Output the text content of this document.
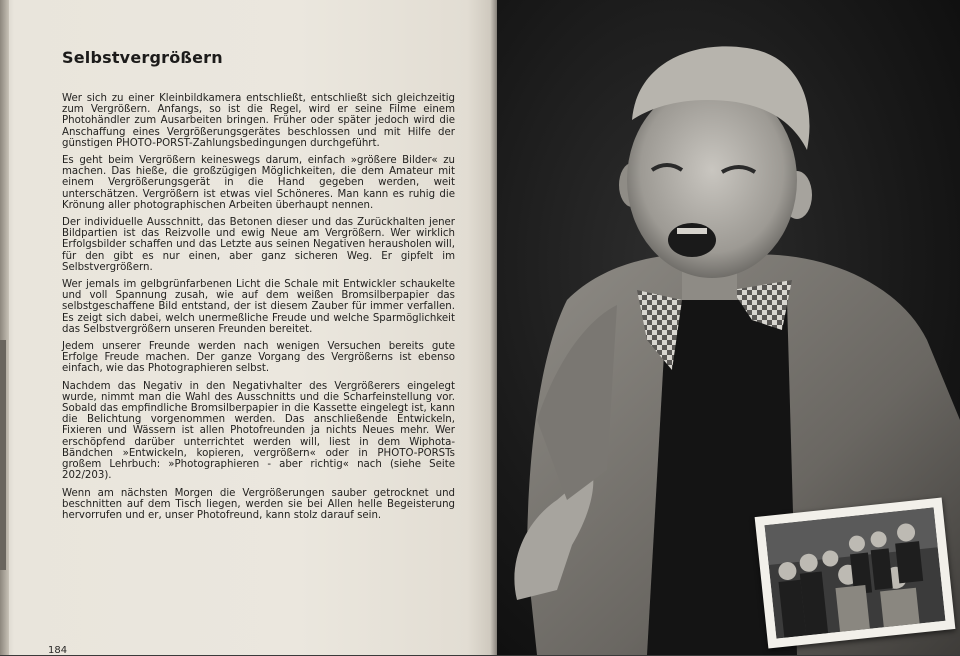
Selbstvergrößern

Wer sich zu einer Kleinbildkamera entschließt, entschließt sich gleichzeitig zum Vergrößern. Anfangs, so ist die Regel, wird er seine Filme einem Photohändler zum Ausarbeiten bringen. Früher oder später jedoch wird die Anschaffung eines Vergrößerungsgerätes beschlossen und mit Hilfe der günstigen PHOTO-PORST-Zahlungsbedingungen durchgeführt.

Es geht beim Vergrößern keineswegs darum, einfach »größere Bilder« zu machen. Das hieße, die großzügigen Möglichkeiten, die dem Amateur mit einem Vergrößerungsgerät in die Hand gegeben werden, weit unterschätzen. Vergrößern ist etwas viel Schöneres. Man kann es ruhig die Krönung aller photographischen Arbeiten überhaupt nennen.

Der individuelle Ausschnitt, das Betonen dieser und das Zurückhalten jener Bildpartien ist das Reizvolle und ewig Neue am Vergrößern. Wer wirklich Erfolgsbilder schaffen und das Letzte aus seinen Negativen herausholen will, für den gibt es nur einen, aber ganz sicheren Weg. Er gipfelt im Selbstvergrößern.

Wer jemals im gelbgrünfarbenen Licht die Schale mit Entwickler schaukelte und voll Spannung zusah, wie auf dem weißen Bromsilberpapier das selbstgeschaffene Bild entstand, der ist diesem Zauber für immer verfallen. Es zeigt sich dabei, welch unermeßliche Freude und welche Sparmöglichkeit das Selbstvergrößern unseren Freunden bereitet.

Jedem unserer Freunde werden nach wenigen Versuchen bereits gute Erfolge Freude machen. Der ganze Vorgang des Vergrößerns ist ebenso einfach, wie das Photographieren selbst.

Nachdem das Negativ in den Negativhalter des Vergrößerers eingelegt wurde, nimmt man die Wahl des Ausschnitts und die Scharfeinstellung vor. Sobald das empfindliche Bromsilberpapier in die Kassette eingelegt ist, kann die Belichtung vorgenommen werden. Das anschließende Entwickeln, Fixieren und Wässern ist allen Photofreunden ja nichts Neues mehr. Wer erschöpfend darüber unterrichtet werden will, liest in dem Wiphota-Bändchen »Entwickeln, kopieren, vergrößern« oder in PHOTO-PORSTs großem Lehrbuch: »Photographieren - aber richtig« nach (siehe Seite 202/203).

Wenn am nächsten Morgen die Vergrößerungen sauber getrocknet und beschnitten auf dem Tisch liegen, werden sie bei Allen helle Begeisterung hervorrufen und er, unser Photofreund, kann stolz darauf sein.

184
